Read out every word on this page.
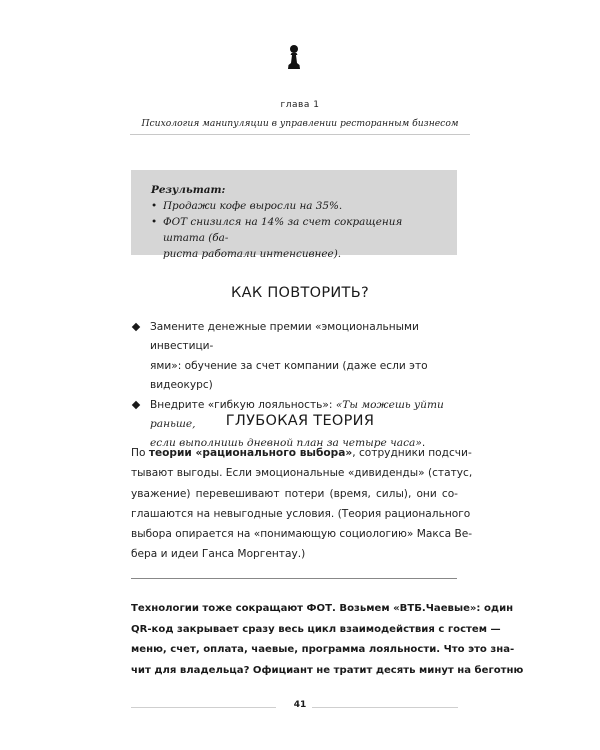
глава 1
Психология манипуляции в управлении ресторанным бизнесом

Результат:

• Продажи кофе выросли на 35%.
• ФОТ снизился на 14% за счет сокращения штата (ба-
риста работали интенсивнее).
КАК ПОВТОРИТЬ?
Замените денежные премии «эмоциональными инвестици-
ями»: обучение за счет компании (даже если это видеокурс)
Внедрите «гибкую лояльность»: «Ты можешь уйти раньше,
если выполнишь дневной план за четыре часа».
ГЛУБОКАЯ ТЕОРИЯ

По теории «рационального выбора», сотрудники подсчи-
тывают выгоды. Если эмоциональные «дивиденды» (статус,
уважение) перевешивают потери (время, силы), они со-
глашаются на невыгодные условия. (Теория рационального
выбора опирается на «понимающую социологию» Макса Ве-
бера и идеи Ганса Моргентау.)

Технологии тоже сокращают ФОТ. Возьмем «ВТБ.Чаевые»: один
QR-код закрывает сразу весь цикл взаимодействия с гостем —
меню, счет, оплата, чаевые, программа лояльности. Что это зна-
чит для владельца? Официант не тратит десять минут на беготню

41
